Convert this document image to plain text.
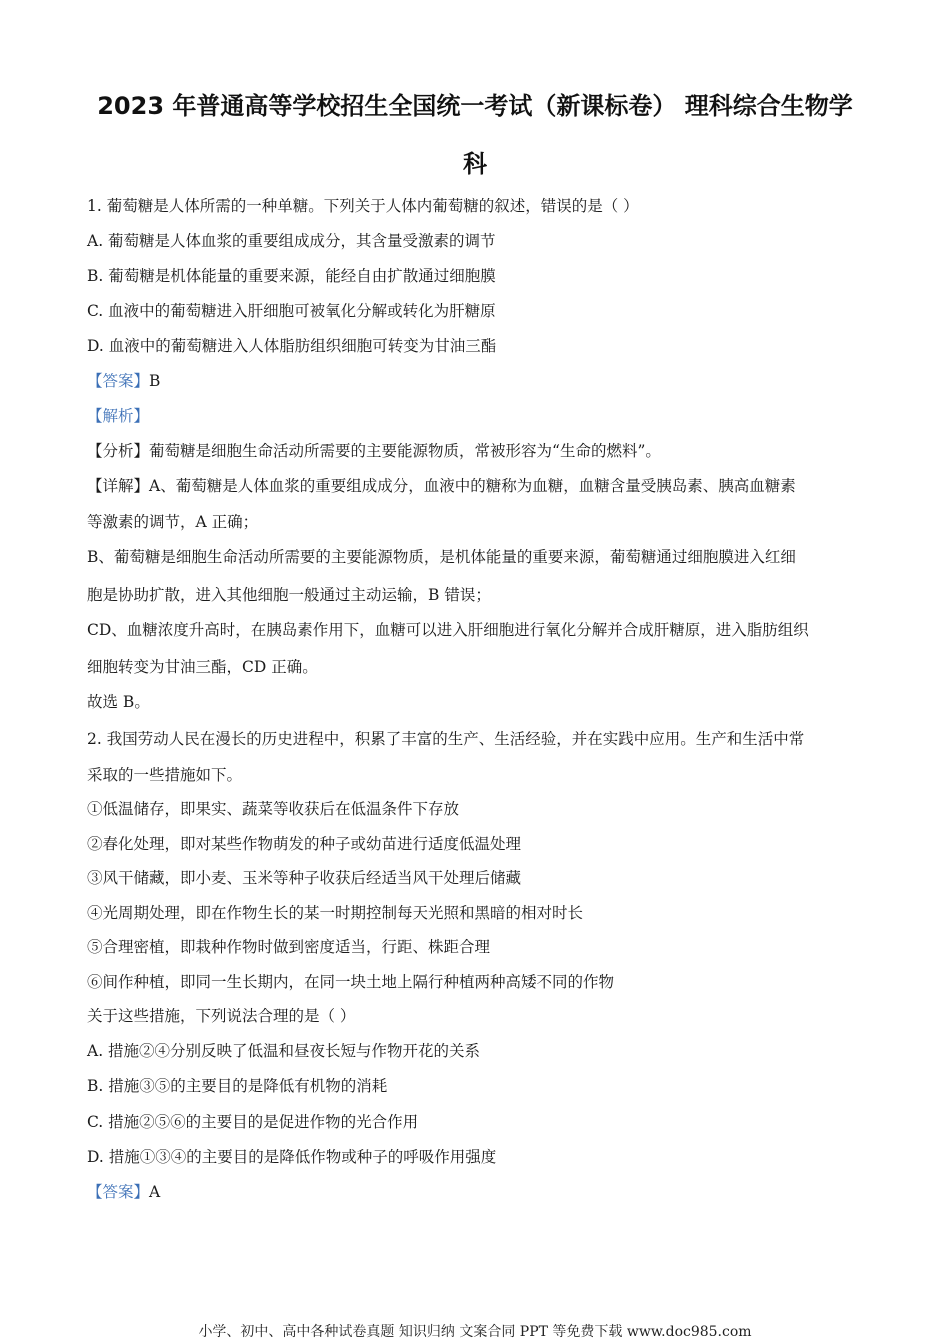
2023 年普通高等学校招生全国统一考试（新课标卷） 理科综合生物学
科
1. 葡萄糖是人体所需的一种单糖。下列关于人体内葡萄糖的叙述，错误的是（ ）
A. 葡萄糖是人体血浆的重要组成成分，其含量受激素的调节
B. 葡萄糖是机体能量的重要来源，能经自由扩散通过细胞膜
C. 血液中的葡萄糖进入肝细胞可被氧化分解或转化为肝糖原
D. 血液中的葡萄糖进入人体脂肪组织细胞可转变为甘油三酯
【答案】B
【解析】
【分析】葡萄糖是细胞生命活动所需要的主要能源物质，常被形容为“生命的燃料”。
【详解】A、葡萄糖是人体血浆的重要组成成分，血液中的糖称为血糖，血糖含量受胰岛素、胰高血糖素
等激素的调节，A 正确；
B、葡萄糖是细胞生命活动所需要的主要能源物质，是机体能量的重要来源，葡萄糖通过细胞膜进入红细
胞是协助扩散，进入其他细胞一般通过主动运输，B 错误；
CD、血糖浓度升高时，在胰岛素作用下，血糖可以进入肝细胞进行氧化分解并合成肝糖原，进入脂肪组织
细胞转变为甘油三酯，CD 正确。
故选 B。
2. 我国劳动人民在漫长的历史进程中，积累了丰富的生产、生活经验，并在实践中应用。生产和生活中常
采取的一些措施如下。
①低温储存，即果实、蔬菜等收获后在低温条件下存放
②春化处理，即对某些作物萌发的种子或幼苗进行适度低温处理
③风干储藏，即小麦、玉米等种子收获后经适当风干处理后储藏
④光周期处理，即在作物生长的某一时期控制每天光照和黑暗的相对时长
⑤合理密植，即栽种作物时做到密度适当，行距、株距合理
⑥间作种植，即同一生长期内，在同一块土地上隔行种植两种高矮不同的作物
关于这些措施，下列说法合理的是（ ）
A. 措施②④分别反映了低温和昼夜长短与作物开花的关系
B. 措施③⑤的主要目的是降低有机物的消耗
C. 措施②⑤⑥的主要目的是促进作物的光合作用
D. 措施①③④的主要目的是降低作物或种子的呼吸作用强度
【答案】A
小学、初中、高中各种试卷真题 知识归纳 文案合同 PPT 等免费下载 www.doc985.com
